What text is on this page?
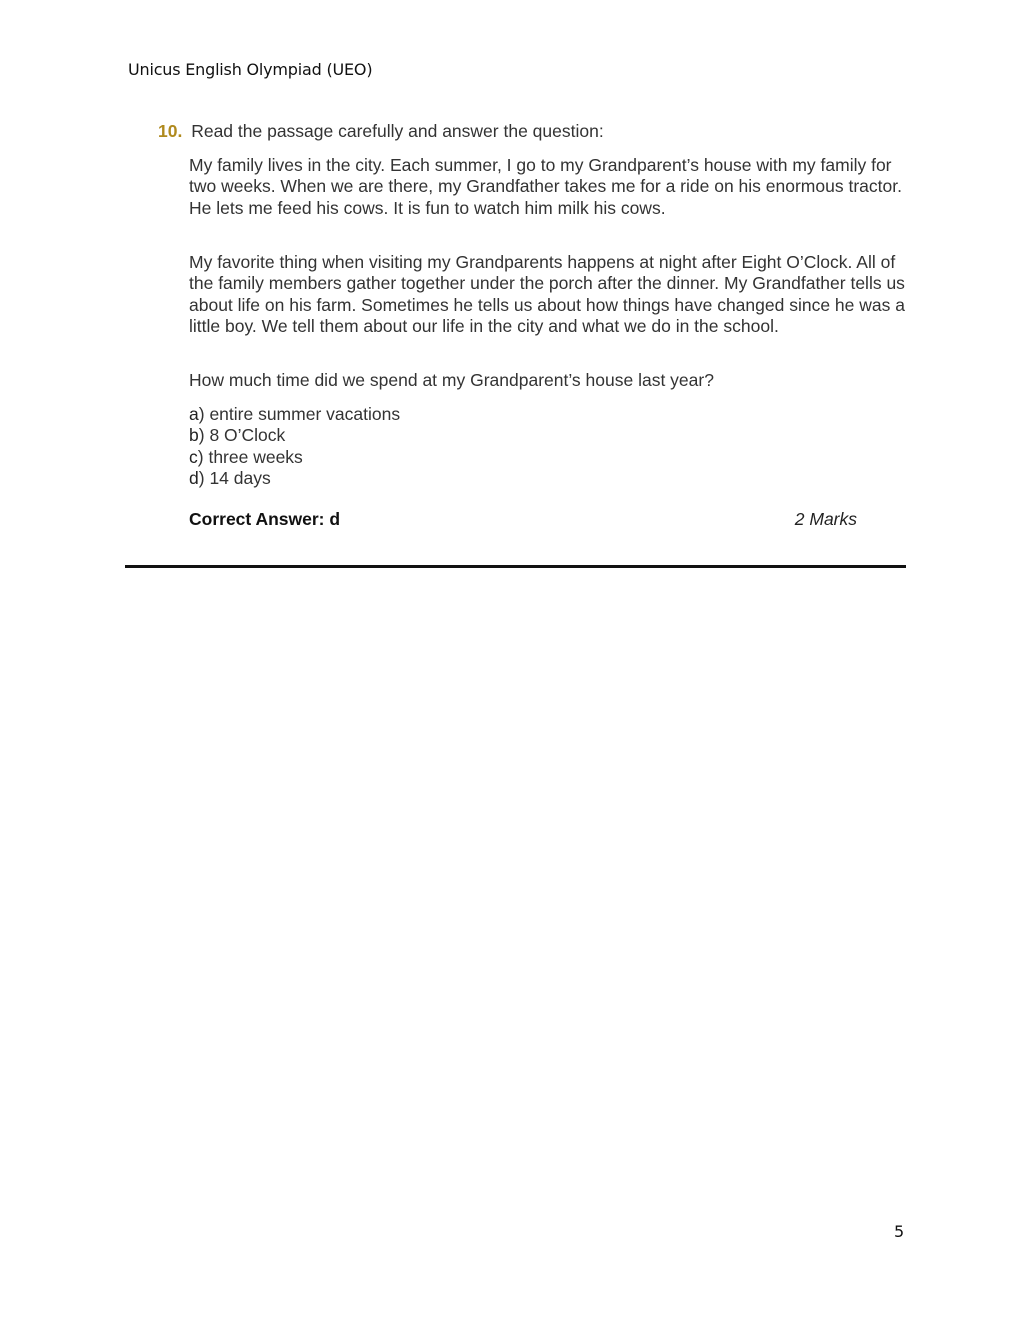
Unicus English Olympiad (UEO)
10. Read the passage carefully and answer the question:
My family lives in the city. Each summer, I go to my Grandparent’s house with my family for two weeks. When we are there, my Grandfather takes me for a ride on his enormous tractor. He lets me feed his cows. It is fun to watch him milk his cows.
My favorite thing when visiting my Grandparents happens at night after Eight O’Clock. All of the family members gather together under the porch after the dinner. My Grandfather tells us about life on his farm. Sometimes he tells us about how things have changed since he was a little boy. We tell them about our life in the city and what we do in the school.
How much time did we spend at my Grandparent’s house last year?
a) entire summer vacations
b) 8 O’Clock
c) three weeks
d) 14 days
Correct Answer: d	2 Marks
5
